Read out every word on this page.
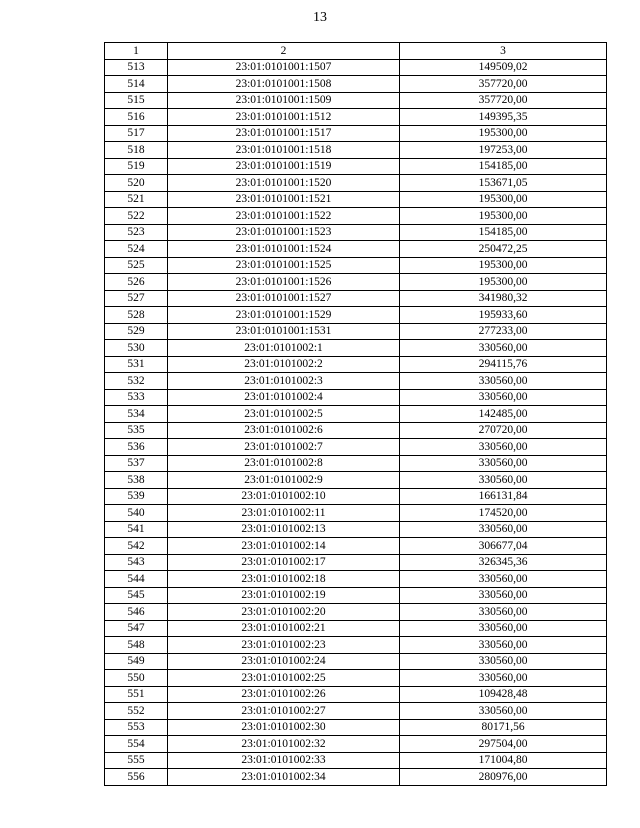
13
1	2	3
513	23:01:0101001:1507	149509,02
514	23:01:0101001:1508	357720,00
515	23:01:0101001:1509	357720,00
516	23:01:0101001:1512	149395,35
517	23:01:0101001:1517	195300,00
518	23:01:0101001:1518	197253,00
519	23:01:0101001:1519	154185,00
520	23:01:0101001:1520	153671,05
521	23:01:0101001:1521	195300,00
522	23:01:0101001:1522	195300,00
523	23:01:0101001:1523	154185,00
524	23:01:0101001:1524	250472,25
525	23:01:0101001:1525	195300,00
526	23:01:0101001:1526	195300,00
527	23:01:0101001:1527	341980,32
528	23:01:0101001:1529	195933,60
529	23:01:0101001:1531	277233,00
530	23:01:0101002:1	330560,00
531	23:01:0101002:2	294115,76
532	23:01:0101002:3	330560,00
533	23:01:0101002:4	330560,00
534	23:01:0101002:5	142485,00
535	23:01:0101002:6	270720,00
536	23:01:0101002:7	330560,00
537	23:01:0101002:8	330560,00
538	23:01:0101002:9	330560,00
539	23:01:0101002:10	166131,84
540	23:01:0101002:11	174520,00
541	23:01:0101002:13	330560,00
542	23:01:0101002:14	306677,04
543	23:01:0101002:17	326345,36
544	23:01:0101002:18	330560,00
545	23:01:0101002:19	330560,00
546	23:01:0101002:20	330560,00
547	23:01:0101002:21	330560,00
548	23:01:0101002:23	330560,00
549	23:01:0101002:24	330560,00
550	23:01:0101002:25	330560,00
551	23:01:0101002:26	109428,48
552	23:01:0101002:27	330560,00
553	23:01:0101002:30	80171,56
554	23:01:0101002:32	297504,00
555	23:01:0101002:33	171004,80
556	23:01:0101002:34	280976,00
